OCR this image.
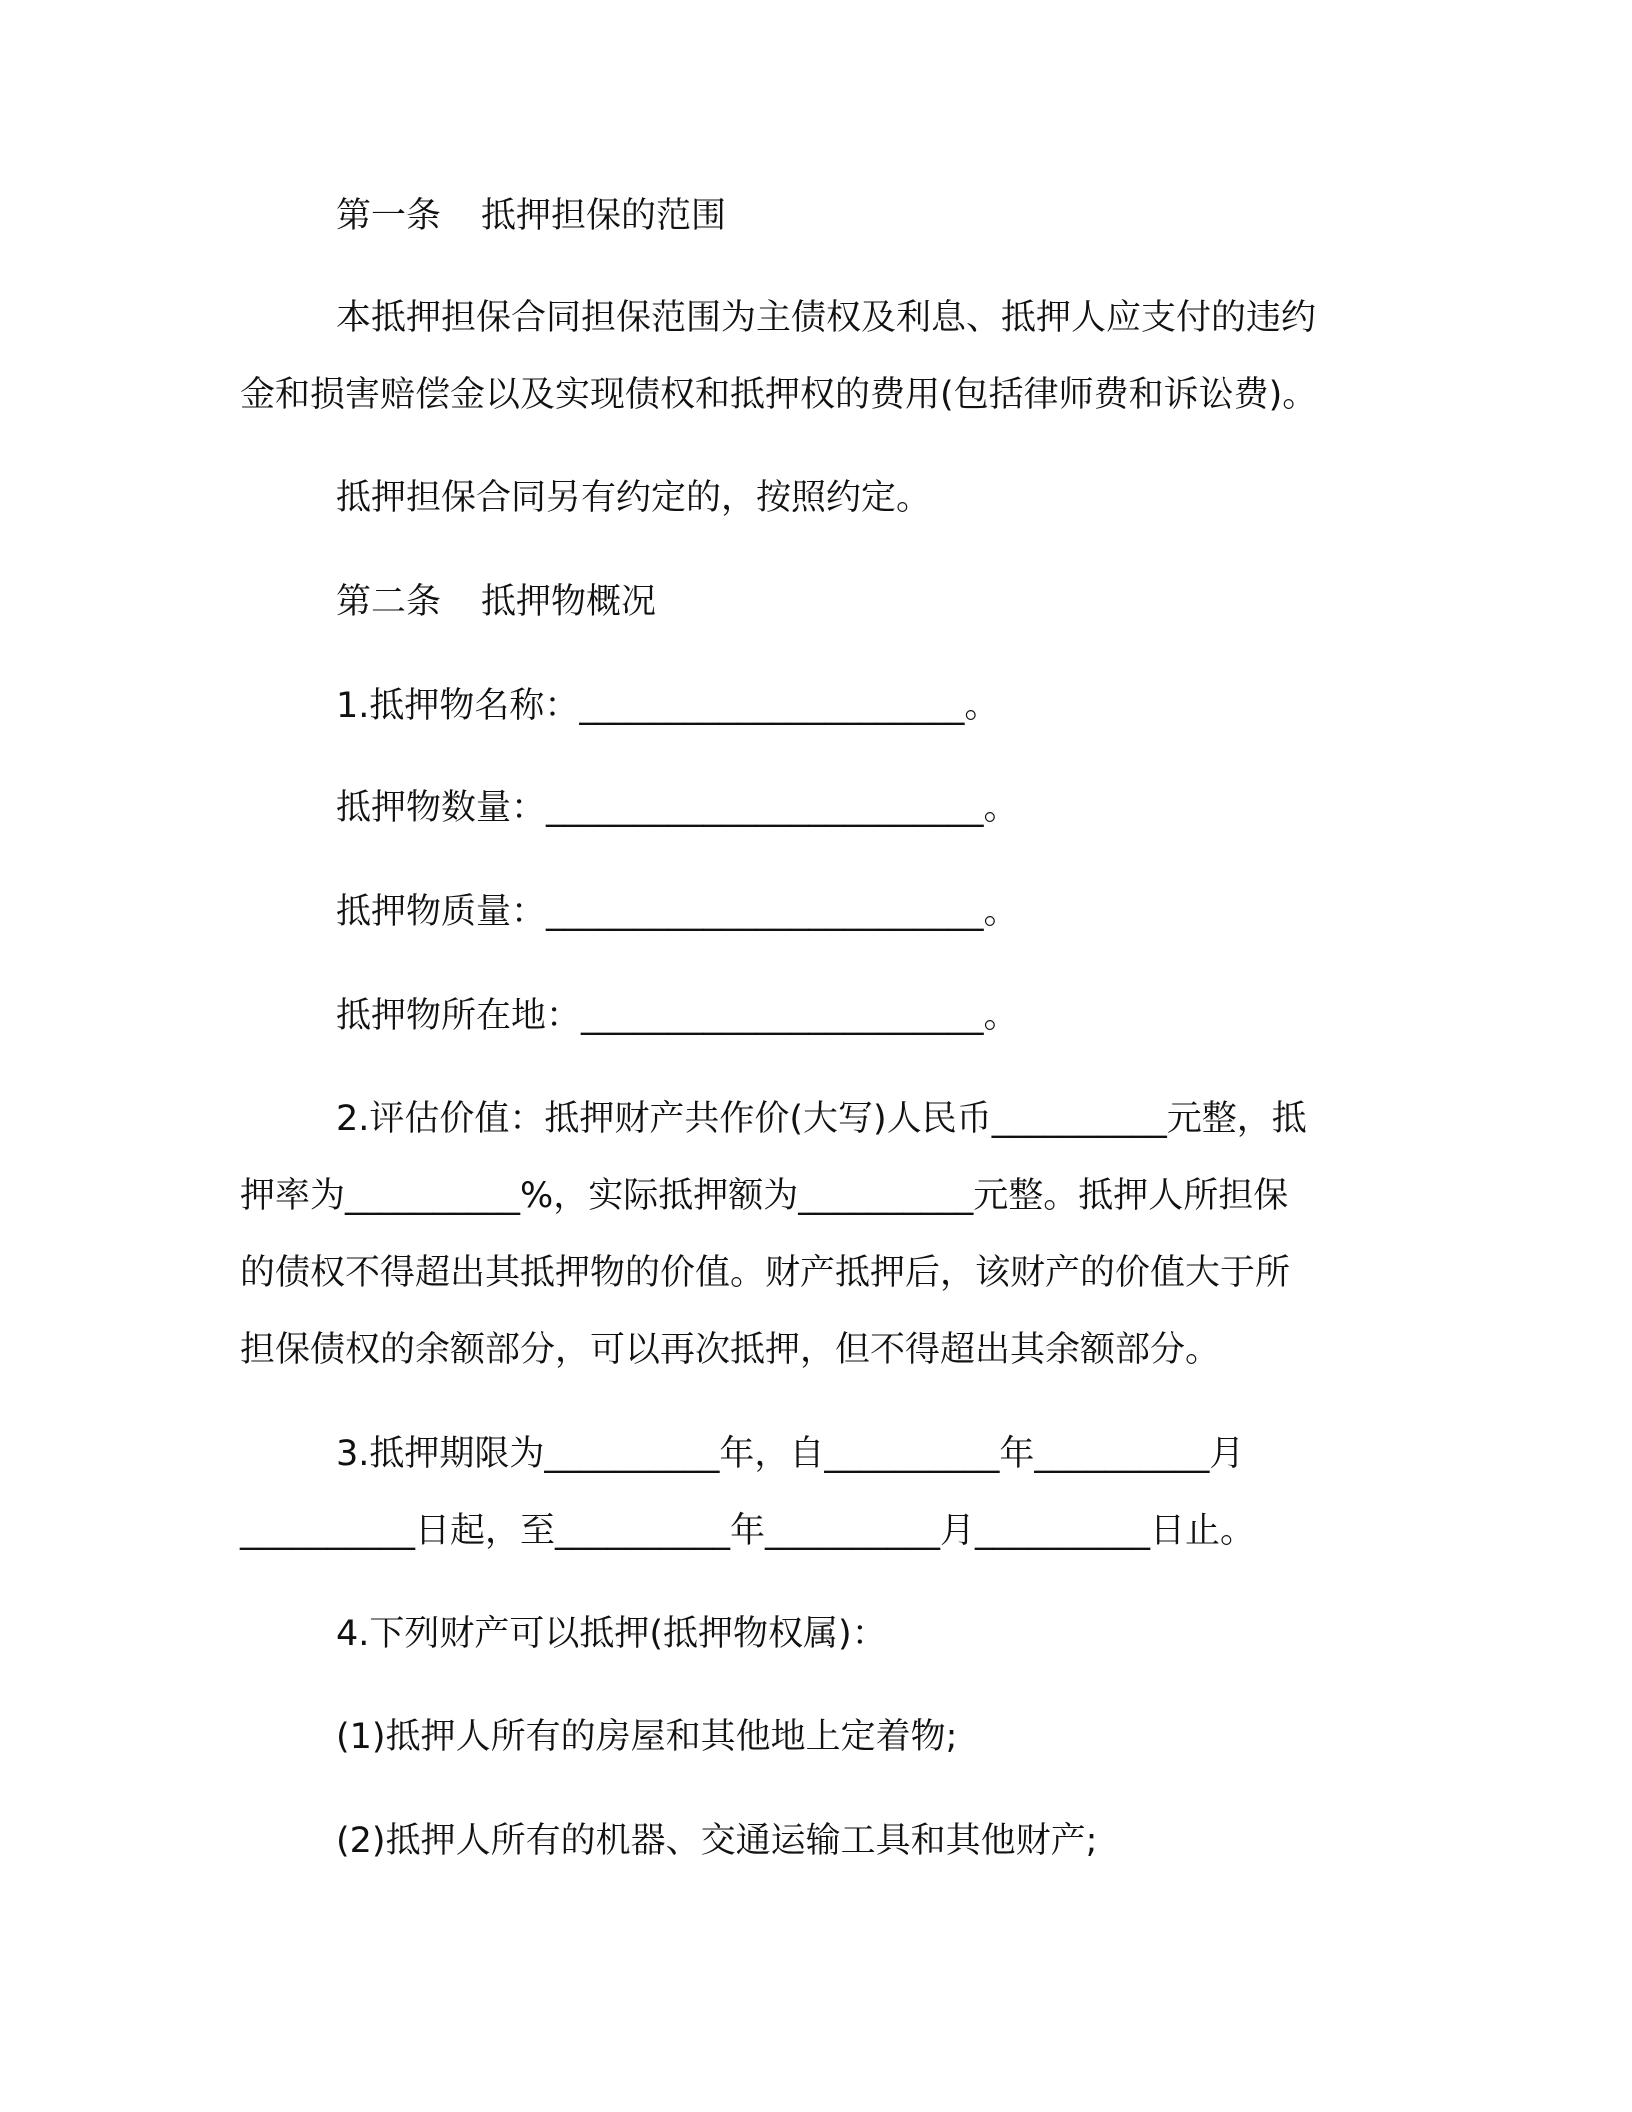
第一条 抵押担保的范围
本抵押担保合同担保范围为主债权及利息、抵押人应支付的违约
金和损害赔偿金以及实现债权和抵押权的费用(包括律师费和诉讼费)。
抵押担保合同另有约定的，按照约定。
第二条 抵押物概况
1.抵押物名称：______________________。
抵押物数量：_________________________。
抵押物质量：_________________________。
抵押物所在地：_______________________。
2.评估价值：抵押财产共作价(大写)人民币__________元整，抵
押率为__________%，实际抵押额为__________元整。抵押人所担保
的债权不得超出其抵押物的价值。财产抵押后，该财产的价值大于所
担保债权的余额部分，可以再次抵押，但不得超出其余额部分。
3.抵押期限为__________年，自__________年__________月
__________日起，至__________年__________月__________日止。
4.下列财产可以抵押(抵押物权属)：
(1)抵押人所有的房屋和其他地上定着物;
(2)抵押人所有的机器、交通运输工具和其他财产;
